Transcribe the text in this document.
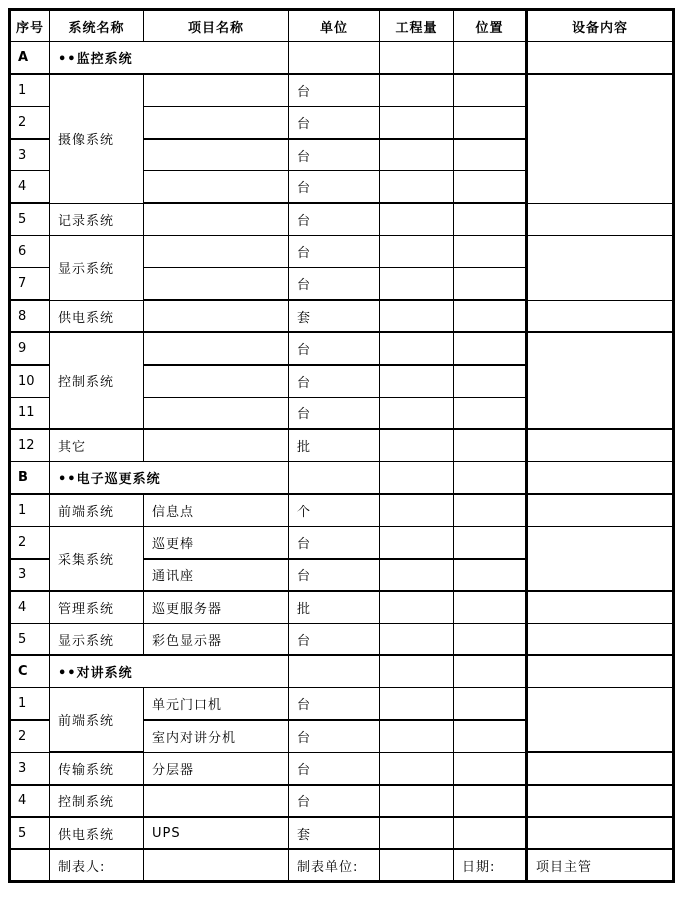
序号	系统名称	项目名称	单位	工程量	位置	设备内容
A	••监控系统					
1	摄像系统		台			
2			台			
3			台			
4			台			
5	记录系统		台			
6	显示系统		台			
7			台			
8	供电系统		套			
9	控制系统		台			
10			台			
11			台			
12	其它		批			
B	••电子巡更系统					
1	前端系统	信息点	个			
2	采集系统	巡更棒	台			
3		通讯座	台			
4	管理系统	巡更服务器	批			
5	显示系统	彩色显示器	台			
C	••对讲系统					
1	前端系统	单元门口机	台			
2		室内对讲分机	台			
3	传输系统	分层器	台			
4	控制系统		台			
5	供电系统	UPS	套			
	制表人:		制表单位:		日期:	项目主管
